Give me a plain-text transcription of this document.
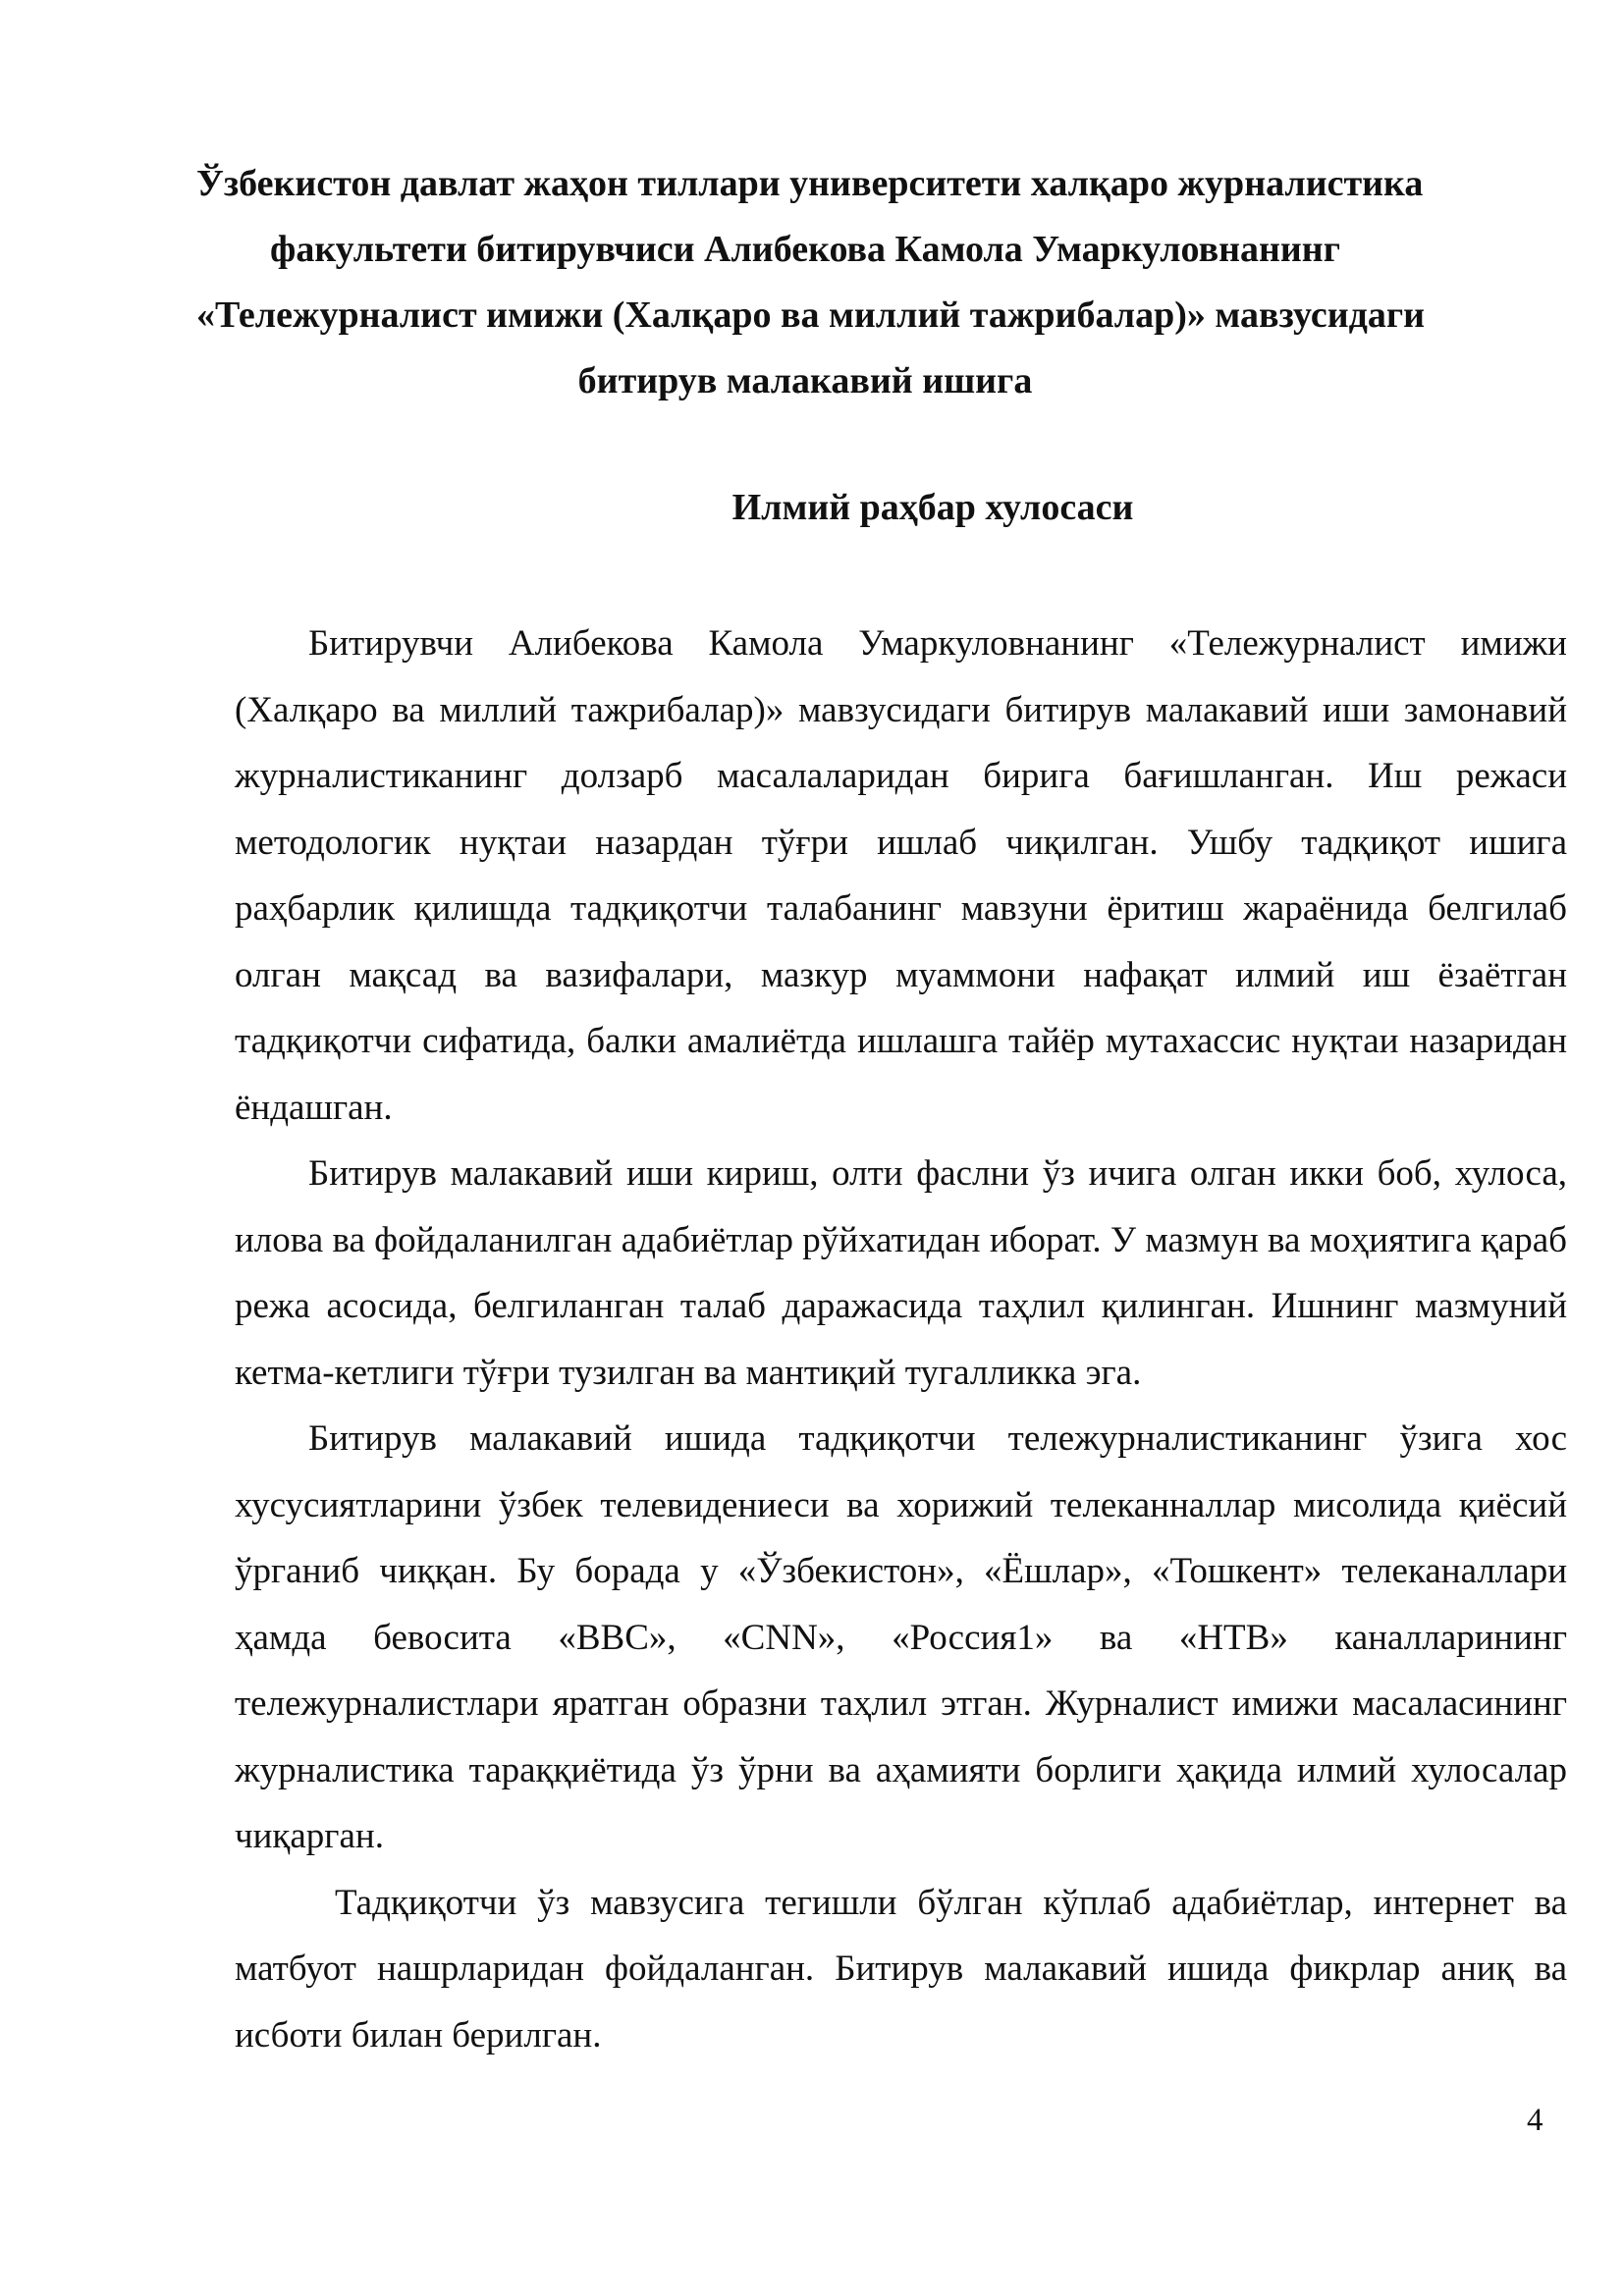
Ўзбекистон давлат жаҳон тиллари университети халқаро журналистика
факультети битирувчиси Алибекова Камола Умаркуловнанинг
«Тележурналист имижи (Халқаро ва миллий тажрибалар)» мавзусидаги
битирув малакавий ишига
Илмий раҳбар хулосаси

Битирувчи Алибекова Камола Умаркуловнанинг «Тележурналист имижи (Халқаро ва миллий тажрибалар)» мавзусидаги битирув малакавий иши замонавий журналистиканинг долзарб масалаларидан бирига бағишланган. Иш режаси методологик нуқтаи назардан тўғри ишлаб чиқилган. Ушбу тадқиқот ишига раҳбарлик қилишда тадқиқотчи талабанинг мавзуни ёритиш жараёнида белгилаб олган мақсад ва вазифалари, мазкур муаммони нафақат илмий иш ёзаётган тадқиқотчи сифатида, балки амалиётда ишлашга тайёр мутахассис нуқтаи назаридан ёндашган.

Битирув малакавий иши кириш, олти фаслни ўз ичига олган икки боб, хулоса, илова ва фойдаланилган адабиётлар рўйхатидан иборат. У мазмун ва моҳиятига қараб режа асосида, белгиланган талаб даражасида таҳлил қилинган. Ишнинг мазмуний кетма-кетлиги тўғри тузилган ва мантиқий тугалликка эга.

Битирув малакавий ишида тадқиқотчи тележурналистиканинг ўзига хос хусусиятларини ўзбек телевидениеси ва хорижий телеканналлар мисолида қиёсий ўрганиб чиққан. Бу борада у «Ўзбекистон», «Ёшлар», «Тошкент» телеканаллари ҳамда бевосита «BBC», «CNN», «Россия1» ва «НТВ» каналларининг тележурналистлари яратган образни таҳлил этган. Журналист имижи масаласининг журналистика тараққиётида ўз ўрни ва аҳамияти борлиги ҳақида илмий хулосалар чиқарган.

Тадқиқотчи ўз мавзусига тегишли бўлган кўплаб адабиётлар, интернет ва матбуот нашрларидан фойдаланган. Битирув малакавий ишида фикрлар аниқ ва исботи билан берилган.

4
